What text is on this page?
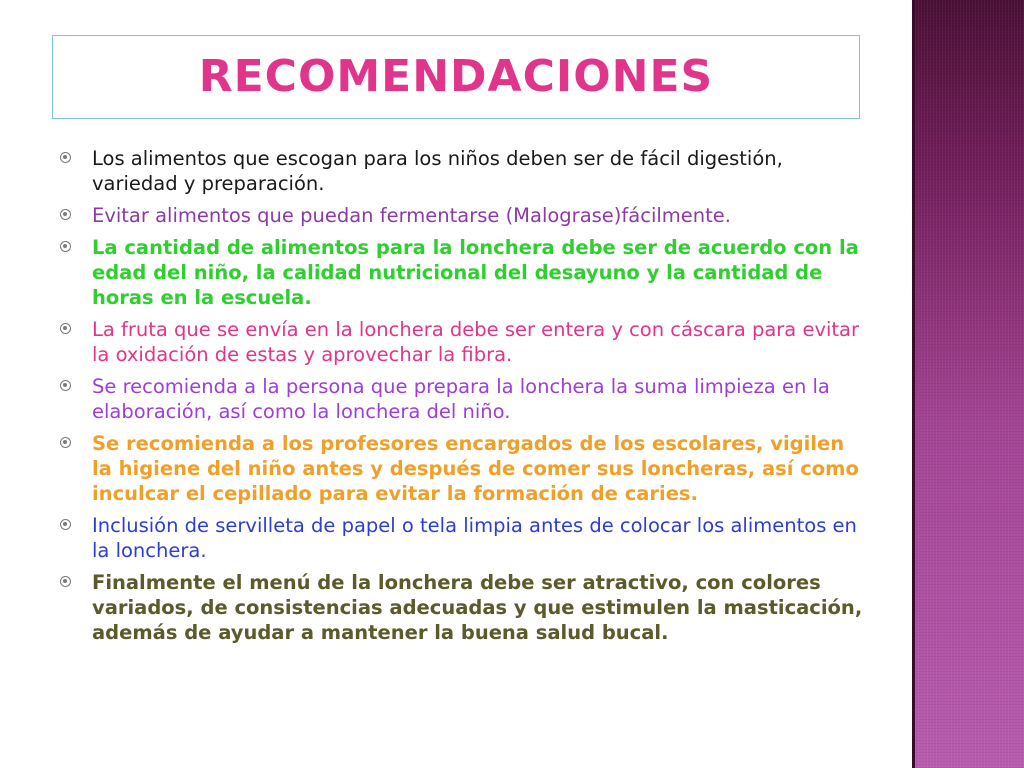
RECOMENDACIONES
Los alimentos que escogan para los niños deben ser de fácil digestión, variedad y preparación.
Evitar alimentos que puedan fermentarse (Malograse)fácilmente.
La cantidad de alimentos para la lonchera debe ser de acuerdo con la edad del niño, la calidad nutricional del desayuno y la cantidad de horas en la escuela.
La fruta que se envía en la lonchera debe ser entera y con cáscara para evitar la oxidación de estas y aprovechar la fibra.
Se recomienda a la persona que prepara la lonchera la suma limpieza en la elaboración, así como la lonchera del niño.
Se recomienda a los profesores encargados de los escolares, vigilen la higiene del niño antes y después de comer sus loncheras, así como inculcar el cepillado para evitar la formación de caries.
Inclusión de servilleta de papel o tela limpia antes de colocar los alimentos en la lonchera.
Finalmente el menú de la lonchera debe ser atractivo, con colores variados, de consistencias adecuadas y que estimulen la masticación, además de ayudar a mantener la buena salud bucal.
